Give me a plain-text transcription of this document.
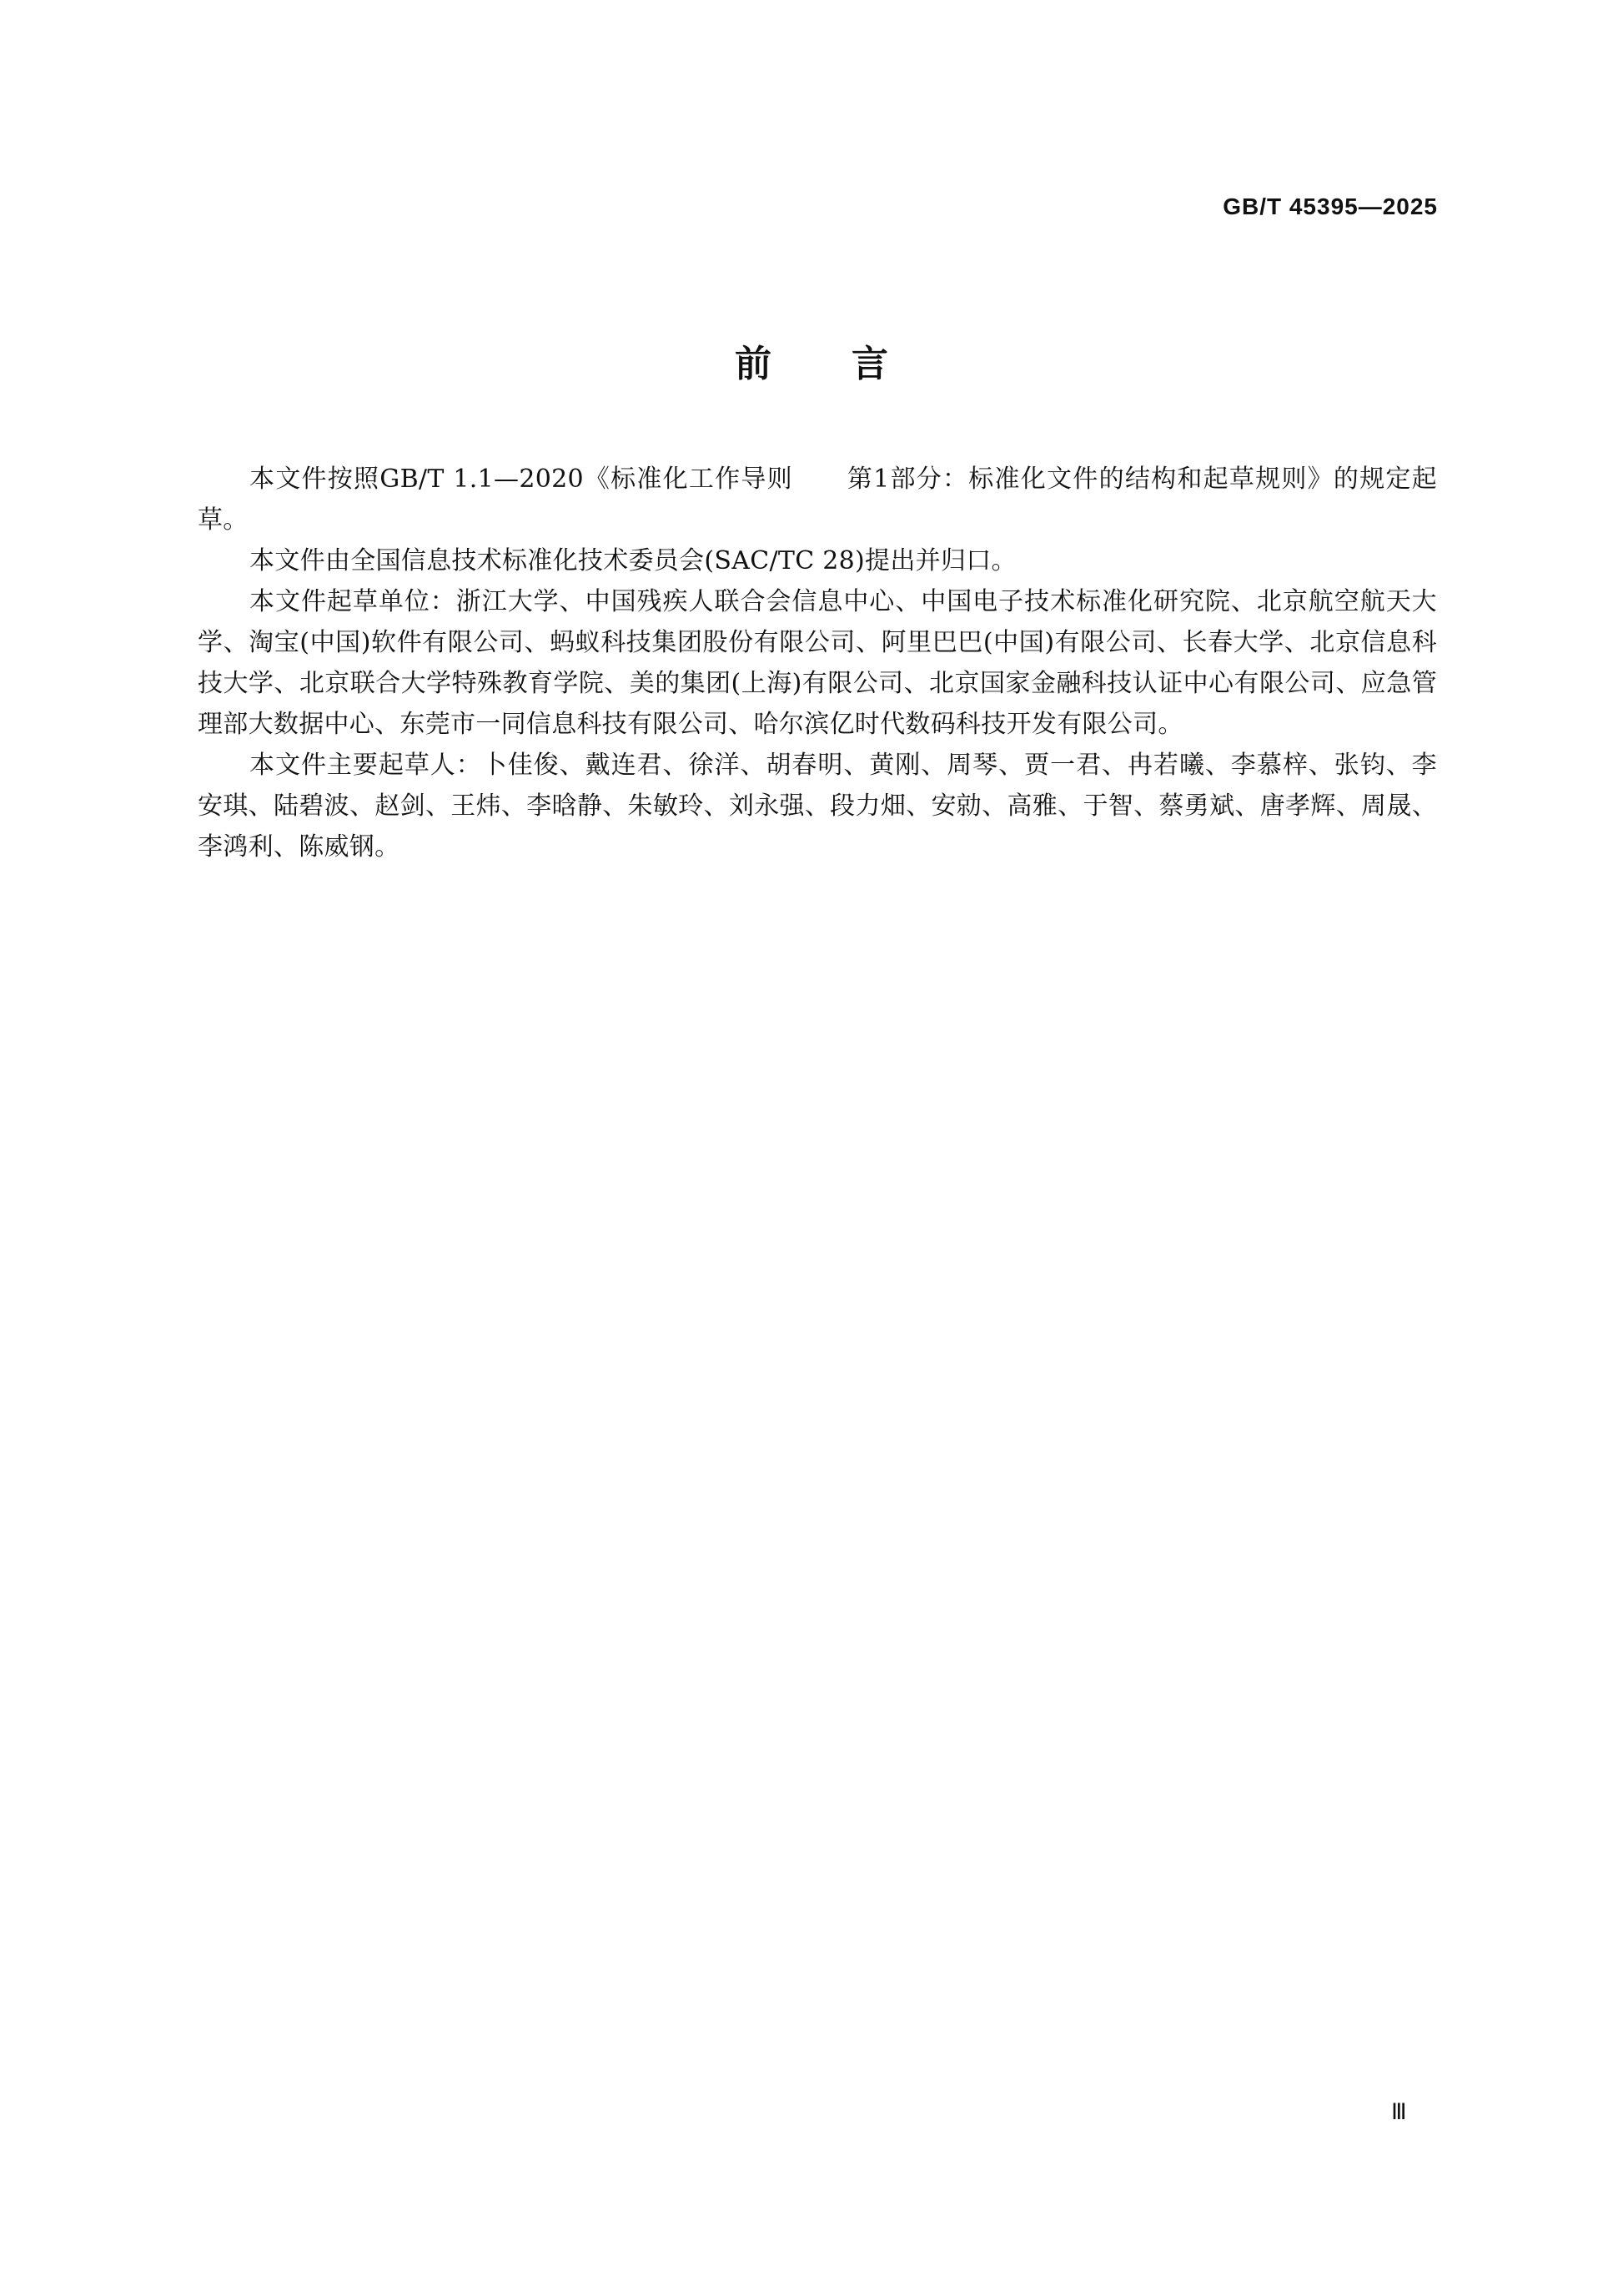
GB/T 45395—2025
前言

本文件按照GB/T 1.1—2020《标准化工作导则 第1部分：标准化文件的结构和起草规则》的规定起草。

本文件由全国信息技术标准化技术委员会(SAC/TC 28)提出并归口。

本文件起草单位：浙江大学、中国残疾人联合会信息中心、中国电子技术标准化研究院、北京航空航天大学、淘宝(中国)软件有限公司、蚂蚁科技集团股份有限公司、阿里巴巴(中国)有限公司、长春大学、北京信息科技大学、北京联合大学特殊教育学院、美的集团(上海)有限公司、北京国家金融科技认证中心有限公司、应急管理部大数据中心、东莞市一同信息科技有限公司、哈尔滨亿时代数码科技开发有限公司。

本文件主要起草人：卜佳俊、戴连君、徐洋、胡春明、黄刚、周琴、贾一君、冉若曦、李慕梓、张钧、李安琪、陆碧波、赵剑、王炜、李晗静、朱敏玲、刘永强、段力畑、安勍、高雅、于智、蔡勇斌、唐孝辉、周晟、李鸿利、陈威钢。

Ⅲ
